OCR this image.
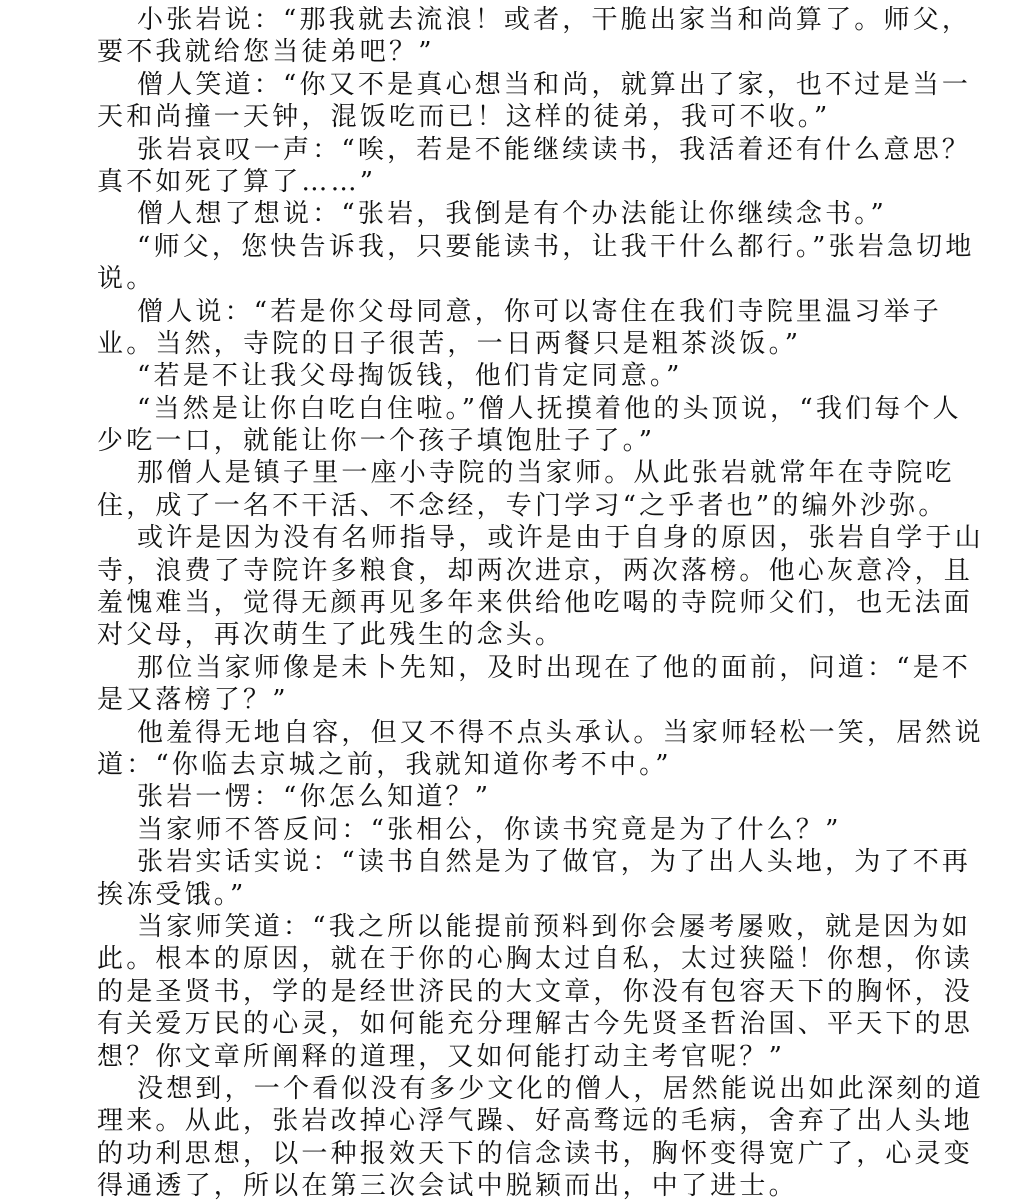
小张岩说：“那我就去流浪！或者，干脆出家当和尚算了。师父，
要不我就给您当徒弟吧？”
僧人笑道：“你又不是真心想当和尚，就算出了家，也不过是当一
天和尚撞一天钟，混饭吃而已！这样的徒弟，我可不收。”
张岩哀叹一声：“唉，若是不能继续读书，我活着还有什么意思？
真不如死了算了……”
僧人想了想说：“张岩，我倒是有个办法能让你继续念书。”
“师父，您快告诉我，只要能读书，让我干什么都行。”张岩急切地
说。
僧人说：“若是你父母同意，你可以寄住在我们寺院里温习举子
业。当然，寺院的日子很苦，一日两餐只是粗茶淡饭。”
“若是不让我父母掏饭钱，他们肯定同意。”
“当然是让你白吃白住啦。”僧人抚摸着他的头顶说，“我们每个人
少吃一口，就能让你一个孩子填饱肚子了。”
那僧人是镇子里一座小寺院的当家师。从此张岩就常年在寺院吃
住，成了一名不干活、不念经，专门学习“之乎者也”的编外沙弥。
或许是因为没有名师指导，或许是由于自身的原因，张岩自学于山
寺，浪费了寺院许多粮食，却两次进京，两次落榜。他心灰意冷，且
羞愧难当，觉得无颜再见多年来供给他吃喝的寺院师父们，也无法面
对父母，再次萌生了此残生的念头。
那位当家师像是未卜先知，及时出现在了他的面前，问道：“是不
是又落榜了？”
他羞得无地自容，但又不得不点头承认。当家师轻松一笑，居然说
道：“你临去京城之前，我就知道你考不中。”
张岩一愣：“你怎么知道？”
当家师不答反问：“张相公，你读书究竟是为了什么？”
张岩实话实说：“读书自然是为了做官，为了出人头地，为了不再
挨冻受饿。”
当家师笑道：“我之所以能提前预料到你会屡考屡败，就是因为如
此。根本的原因，就在于你的心胸太过自私，太过狭隘！你想，你读
的是圣贤书，学的是经世济民的大文章，你没有包容天下的胸怀，没
有关爱万民的心灵，如何能充分理解古今先贤圣哲治国、平天下的思
想？你文章所阐释的道理，又如何能打动主考官呢？”
没想到，一个看似没有多少文化的僧人，居然能说出如此深刻的道
理来。从此，张岩改掉心浮气躁、好高骛远的毛病，舍弃了出人头地
的功利思想，以一种报效天下的信念读书，胸怀变得宽广了，心灵变
得通透了，所以在第三次会试中脱颖而出，中了进士。
